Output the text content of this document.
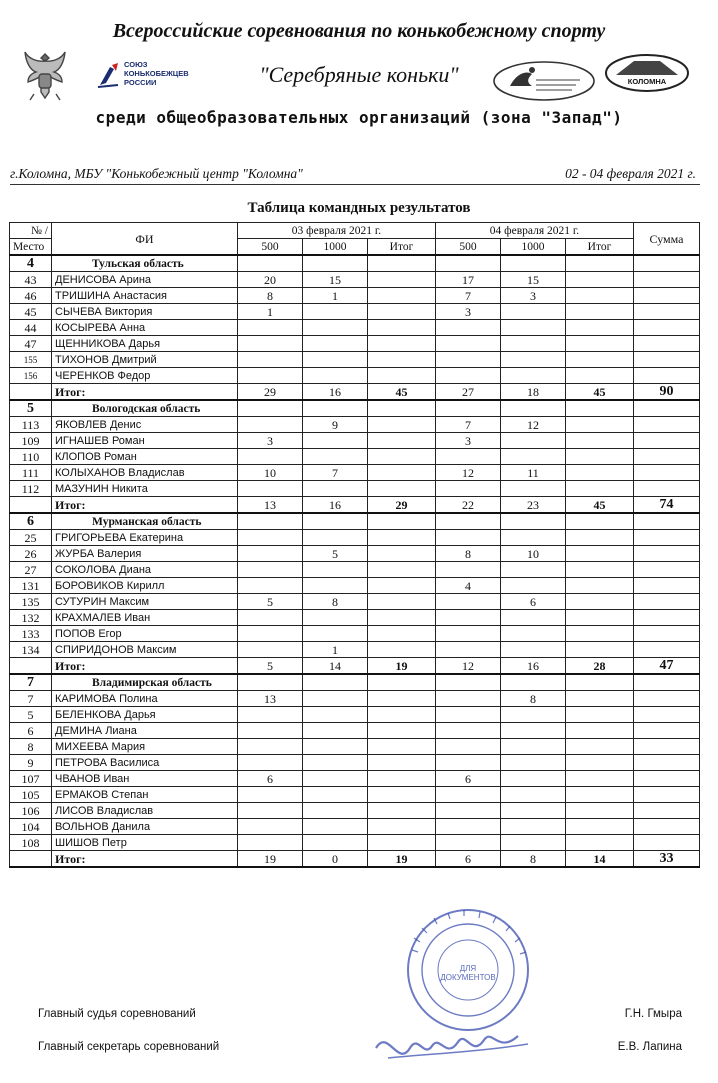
Всероссийские соревнования по конькобежному спорту
"Серебряные коньки"
среди общеобразовательных организаций (зона "Запад")
СОЮЗ
КОНЬКОБЕЖЦЕВ
РОССИИ	КОЛОМНА
г.Коломна, МБУ "Конькобежный центр "Коломна"	02 - 04 февраля 2021 г.
Таблица командных результатов
№ /	ФИ	03 февраля 2021 г.			04 февраля 2021 г.			Сумма
Место		500	1000	Итог	500	1000	Итог	
4	Тульская область							
43	ДЕНИСОВА Арина	20	15		17	15		
46	ТРИШИНА Анастасия	8	1		7	3		
45	СЫЧЕВА Виктория	1			3			
44	КОСЫРЕВА Анна							
47	ЩЕННИКОВА Дарья							
155	ТИХОНОВ Дмитрий							
156	ЧЕРЕНКОВ Федор							
	Итог:	29	16	45	27	18	45	90
5	Вологодская область							
113	ЯКОВЛЕВ Денис		9		7	12		
109	ИГНАШЕВ Роман	3			3			
110	КЛОПОВ Роман							
111	КОЛЫХАНОВ Владислав	10	7		12	11		
112	МАЗУНИН Никита							
	Итог:	13	16	29	22	23	45	74
6	Мурманская область							
25	ГРИГОРЬЕВА Екатерина							
26	ЖУРБА Валерия		5		8	10		
27	СОКОЛОВА Диана							
131	БОРОВИКОВ Кирилл				4			
135	СУТУРИН Максим	5	8			6		
132	КРАХМАЛЕВ Иван							
133	ПОПОВ Егор							
134	СПИРИДОНОВ Максим		1					
	Итог:	5	14	19	12	16	28	47
7	Владимирская область							
7	КАРИМОВА Полина	13				8		
5	БЕЛЕНКОВА Дарья							
6	ДЕМИНА Лиана							
8	МИХЕЕВА Мария							
9	ПЕТРОВА Василиса							
107	ЧВАНОВ Иван	6			6			
105	ЕРМАКОВ Степан							
106	ЛИСОВ Владислав							
104	ВОЛЬНОВ Данила							
108	ШИШОВ Петр							
	Итог:	19	0	19	6	8	14	33
Главный судья соревнований	Г.Н. Гмыра
Главный секретарь соревнований	Е.В. Лапина
ДЛЯ ДОКУМЕНТОВ
